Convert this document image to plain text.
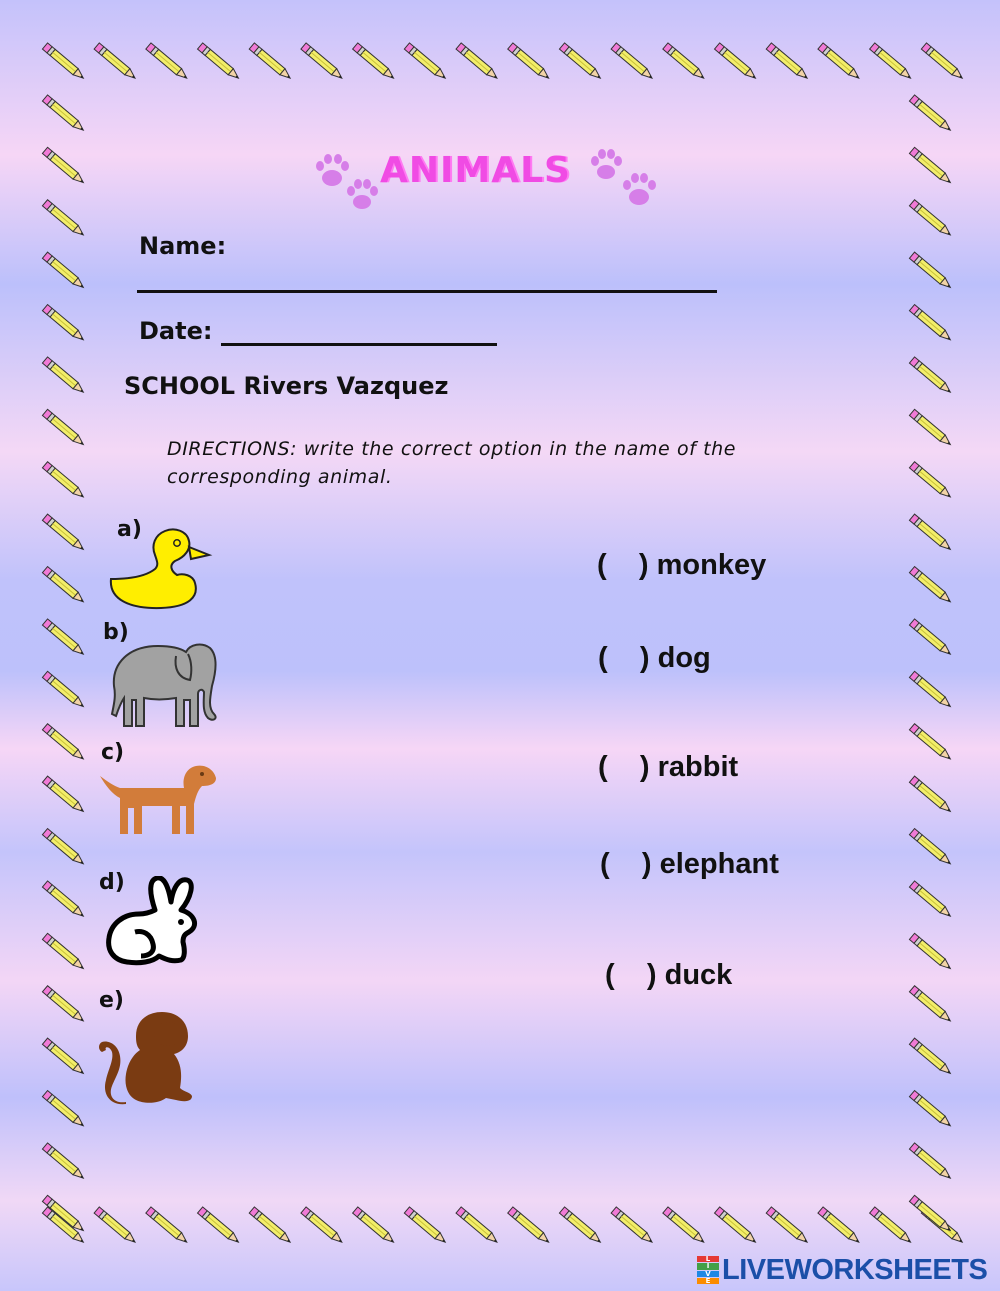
ANIMALS
Name:
Date:
SCHOOL Rivers Vazquez
DIRECTIONS: write the correct option in the name of the corresponding animal.
a)
b)
c)
d)
e)
(    ) monkey
(    ) dog
(    ) rabbit
(    ) elephant
(    ) duck
L
I
V
E LIVEWORKSHEETS
